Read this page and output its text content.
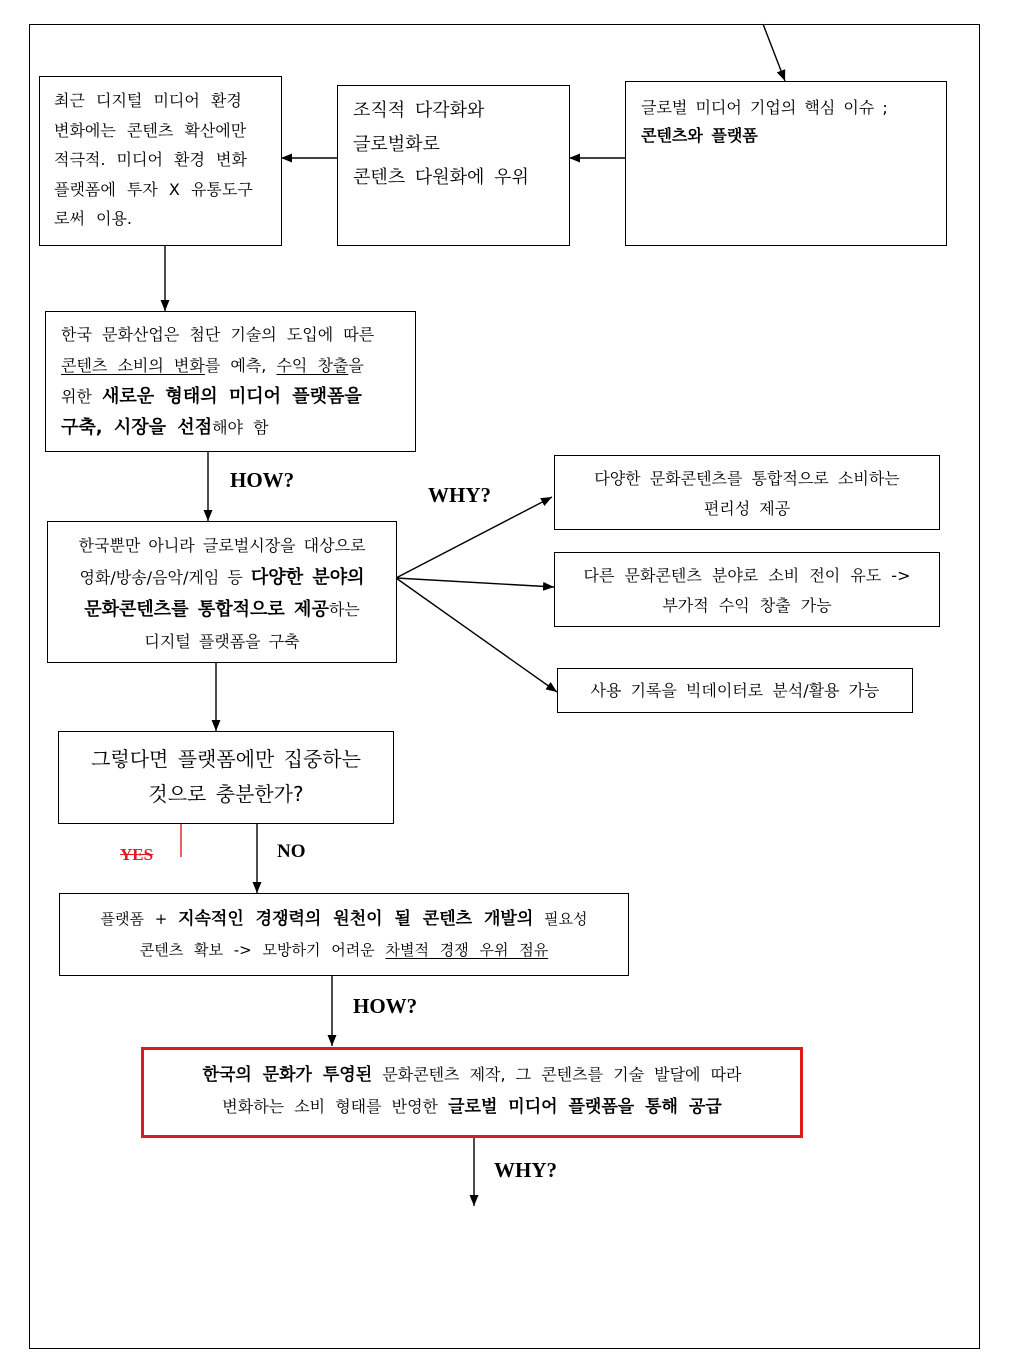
글로벌 미디어 기업의 핵심 이슈 ;
콘텐츠와 플랫폼
조직적 다각화와
글로벌화로
콘텐츠 다원화에 우위
최근 디지털 미디어 환경
변화에는 콘텐츠 확산에만
적극적. 미디어 환경 변화
플랫폼에 투자 X 유통도구
로써 이용.
한국 문화산업은 첨단 기술의 도입에 따른
콘텐츠 소비의 변화를 예측, 수익 창출을
위한 새로운 형태의 미디어 플랫폼을
구축, 시장을 선점해야 함
한국뿐만 아니라 글로벌시장을 대상으로
영화/방송/음악/게임 등 다양한 분야의
문화콘텐츠를 통합적으로 제공하는
디지털 플랫폼을 구축
다양한 문화콘텐츠를 통합적으로 소비하는
편리성 제공
다른 문화콘텐츠 분야로 소비 전이 유도 ->
부가적 수익 창출 가능
사용 기록을 빅데이터로 분석/활용 가능
그렇다면 플랫폼에만 집중하는
것으로 충분한가?
플랫폼 + 지속적인 경쟁력의 원천이 될 콘텐츠 개발의 필요성
콘텐츠 확보 -> 모방하기 어려운 차별적 경쟁 우위 점유
한국의 문화가 투영된 문화콘텐츠 제작, 그 콘텐츠를 기술 발달에 따라
변화하는 소비 형태를 반영한 글로벌 미디어 플랫폼을 통해 공급
HOW?
WHY?
YES	NO
HOW?
WHY?
